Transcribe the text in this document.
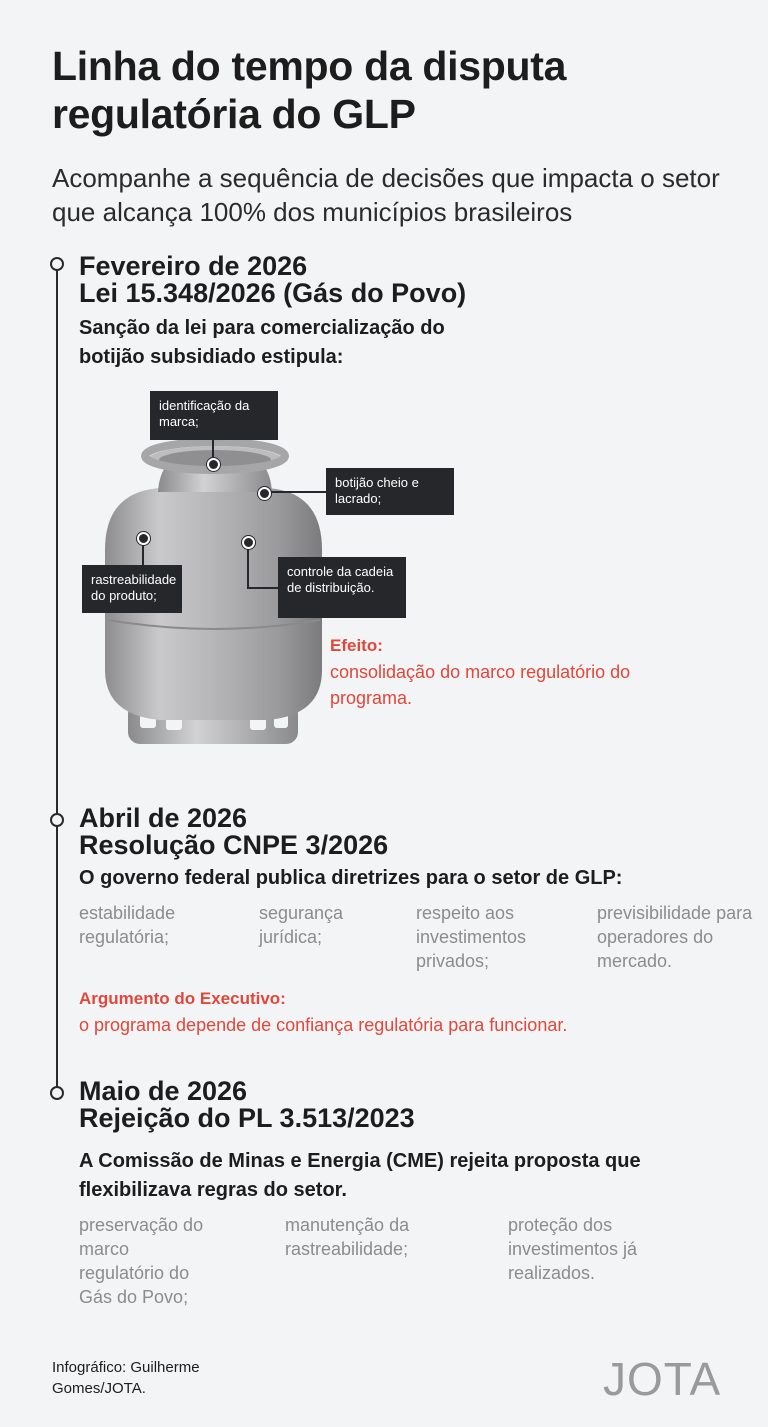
Linha do tempo da disputa regulatória do GLP
Acompanhe a sequência de decisões que impacta o setor que alcança 100% dos municípios brasileiros
Fevereiro de 2026
Lei 15.348/2026 (Gás do Povo)
Sanção da lei para comercialização do botijão subsidiado estipula:
identificação da marca;
botijão cheio e lacrado;
rastreabilidade do produto;
controle da cadeia de distribuição.
Efeito:
consolidação do marco regulatório do programa.
Abril de 2026
Resolução CNPE 3/2026
O governo federal publica diretrizes para o setor de GLP:
estabilidade regulatória;
segurança jurídica;
respeito aos investimentos privados;
previsibilidade para operadores do mercado.
Argumento do Executivo:
o programa depende de confiança regulatória para funcionar.
Maio de 2026
Rejeição do PL 3.513/2023
A Comissão de Minas e Energia (CME) rejeita proposta que flexibilizava regras do setor.
preservação do marco regulatório do Gás do Povo;
manutenção da rastreabilidade;
proteção dos investimentos já realizados.
Infográfico: Guilherme Gomes/JOTA.	JOTA
